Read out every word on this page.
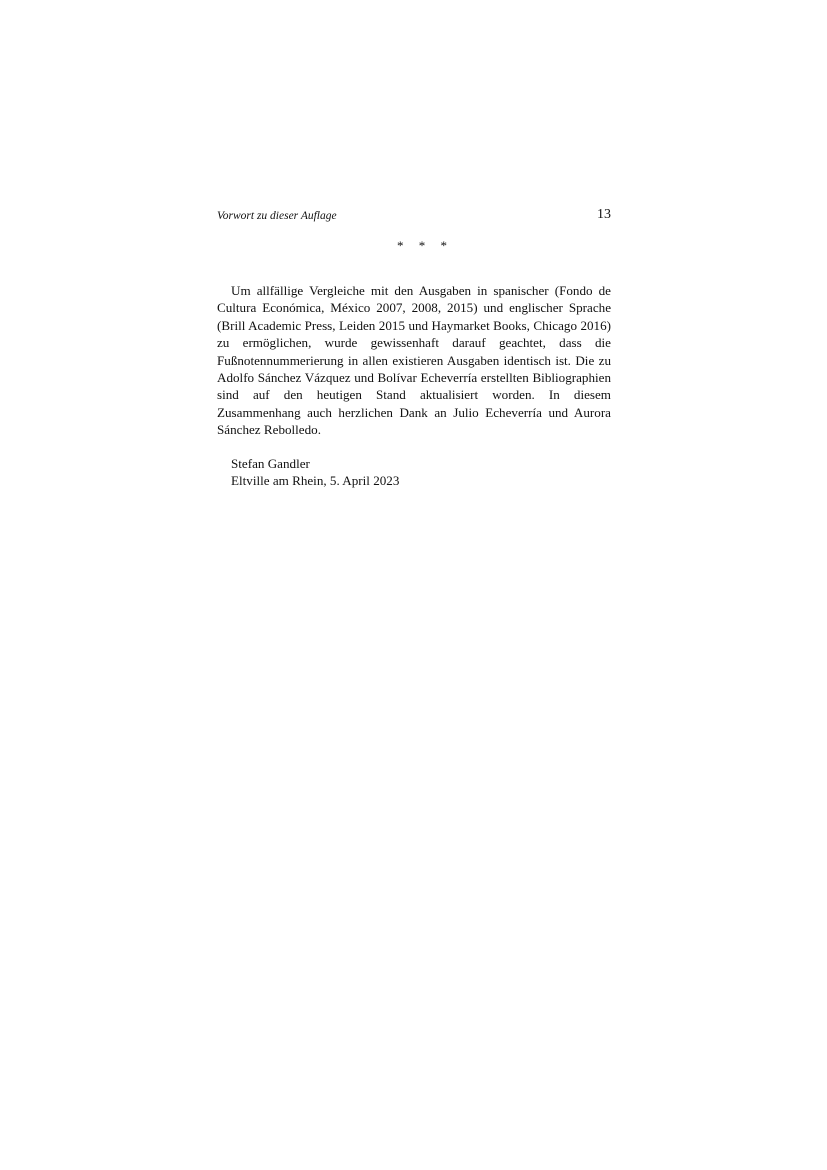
Vorwort zu dieser Auflage	13
* * *

Um allfällige Vergleiche mit den Ausgaben in spanischer (Fondo de Cultura Económica, México 2007, 2008, 2015) und englischer Sprache (Brill Academic Press, Leiden 2015 und Haymarket Books, Chicago 2016) zu ermöglichen, wurde gewissenhaft darauf geachtet, dass die Fußnotennummerierung in allen existieren Ausgaben identisch ist. Die zu Adolfo Sánchez Vázquez und Bolívar Echeverría erstellten Bibliographien sind auf den heutigen Stand aktualisiert worden. In diesem Zusammenhang auch herzlichen Dank an Julio Echeverría und Aurora Sánchez Rebolledo.

Stefan Gandler
Eltville am Rhein, 5. April 2023
